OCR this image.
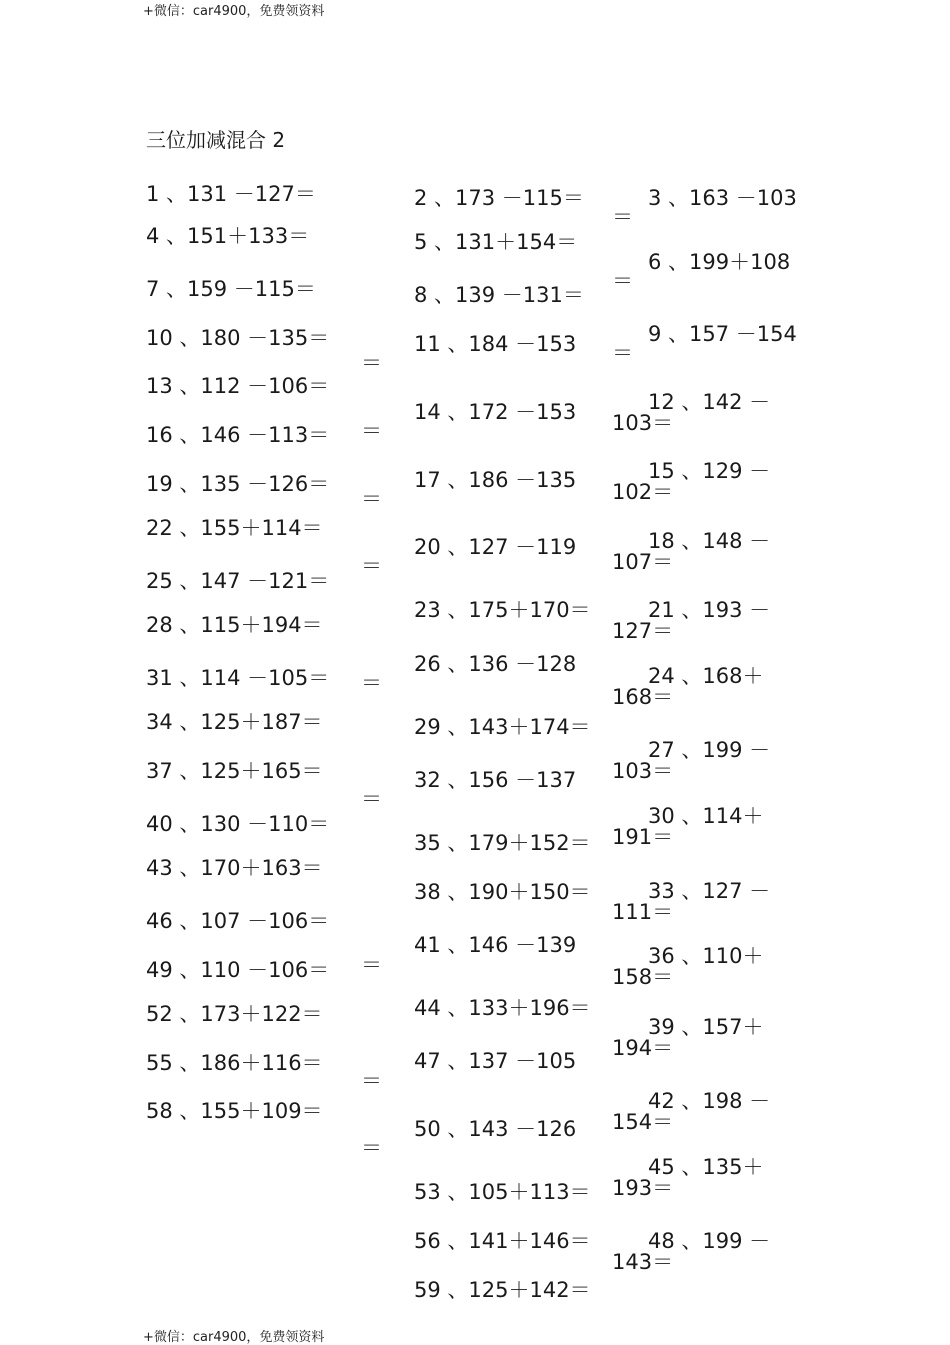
+微信：car4900，免费领资料
三位加减混合 2
1 、131 －127＝
4 、151＋133＝
7 、159 －115＝
10 、180 －135＝
13 、112 －106＝
16 、146 －113＝
19 、135 －126＝
22 、155＋114＝
25 、147 －121＝
28 、115＋194＝
31 、114 －105＝
34 、125＋187＝
37 、125＋165＝
40 、130 －110＝
43 、170＋163＝
46 、107 －106＝
49 、110 －106＝
52 、173＋122＝
55 、186＋116＝
58 、155＋109＝
＝
＝
＝
＝
＝
＝
＝
＝
＝
2 、173 －115＝
5 、131＋154＝
8 、139 －131＝
11 、184 －153
14 、172 －153
17 、186 －135
20 、127 －119
23 、175＋170＝
26 、136 －128
29 、143＋174＝
32 、156 －137
35 、179＋152＝
38 、190＋150＝
41 、146 －139
44 、133＋196＝
47 、137 －105
50 、143 －126
53 、105＋113＝
56 、141＋146＝
59 、125＋142＝
＝
＝
＝
3 、163 －103
6 、199＋108
9 、157 －154
12 、142 －
103＝
15 、129 －
102＝
18 、148 －
107＝
21 、193 －
127＝
24 、168＋
168＝
27 、199 －
103＝
30 、114＋
191＝
33 、127 －
111＝
36 、110＋
158＝
39 、157＋
194＝
42 、198 －
154＝
45 、135＋
193＝
48 、199 －
143＝
+微信：car4900，免费领资料
